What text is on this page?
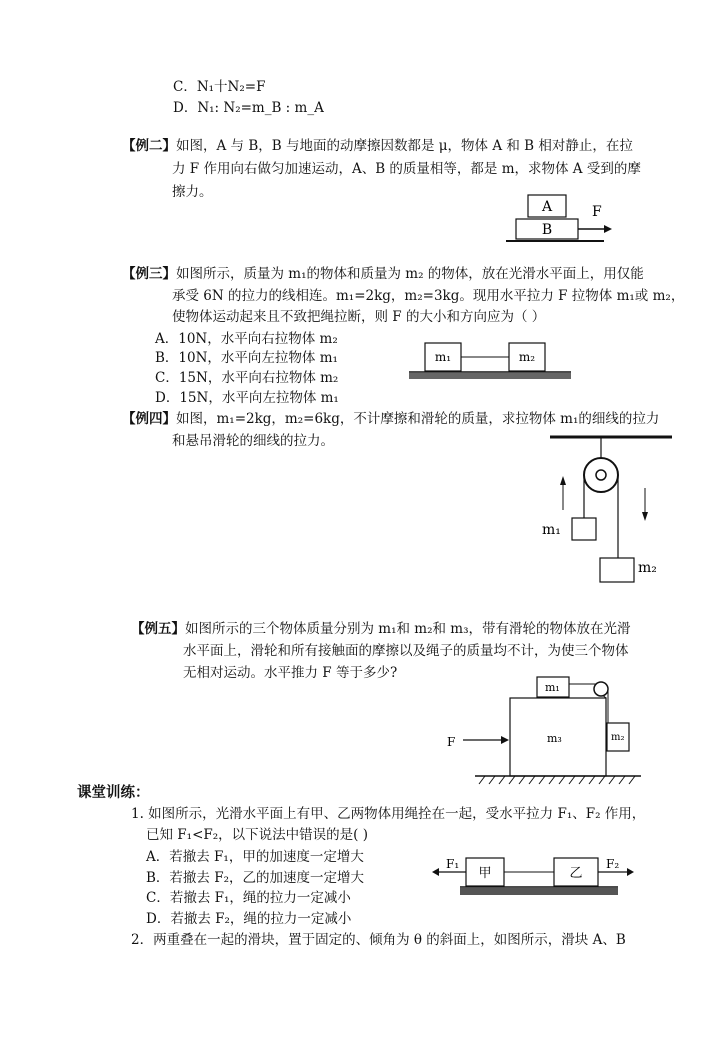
C．N₁十N₂=F
D．N₁: N₂=m_B : m_A
【例二】如图，A 与 B，B 与地面的动摩擦因数都是 μ，物体 A 和 B 相对静止，在拉
力 F 作用向右做匀加速运动，A、B 的质量相等，都是 m，求物体 A 受到的摩
擦力。
A
B
F
【例三】如图所示，质量为 m₁的物体和质量为 m₂ 的物体，放在光滑水平面上，用仅能
承受 6N 的拉力的线相连。m₁=2kg，m₂=3kg。现用水平拉力 F 拉物体 m₁或 m₂，
使物体运动起来且不致把绳拉断，则 F 的大小和方向应为（ ）
A．10N，水平向右拉物体 m₂
B．10N，水平向左拉物体 m₁
C．15N，水平向右拉物体 m₂
D．15N，水平向左拉物体 m₁
m₁	m₂
【例四】如图，m₁=2kg，m₂=6kg，不计摩擦和滑轮的质量，求拉物体 m₁的细线的拉力
和悬吊滑轮的细线的拉力。
m₁
m₂
【例五】如图所示的三个物体质量分别为 m₁和 m₂和 m₃，带有滑轮的物体放在光滑
水平面上，滑轮和所有接触面的摩擦以及绳子的质量均不计，为使三个物体
无相对运动。水平推力 F 等于多少?
m₃
m₁
m₂
F
课堂训练：
1. 如图所示，光滑水平面上有甲、乙两物体用绳拴在一起，受水平拉力 F₁、F₂ 作用，
已知 F₁<F₂，以下说法中错误的是( )
A．若撤去 F₁，甲的加速度一定增大
B．若撤去 F₂，乙的加速度一定增大
C．若撤去 F₁，绳的拉力一定减小
D．若撤去 F₂，绳的拉力一定减小
F₁
甲	乙
F₂
2．两重叠在一起的滑块，置于固定的、倾角为 θ 的斜面上，如图所示，滑块 A、B
